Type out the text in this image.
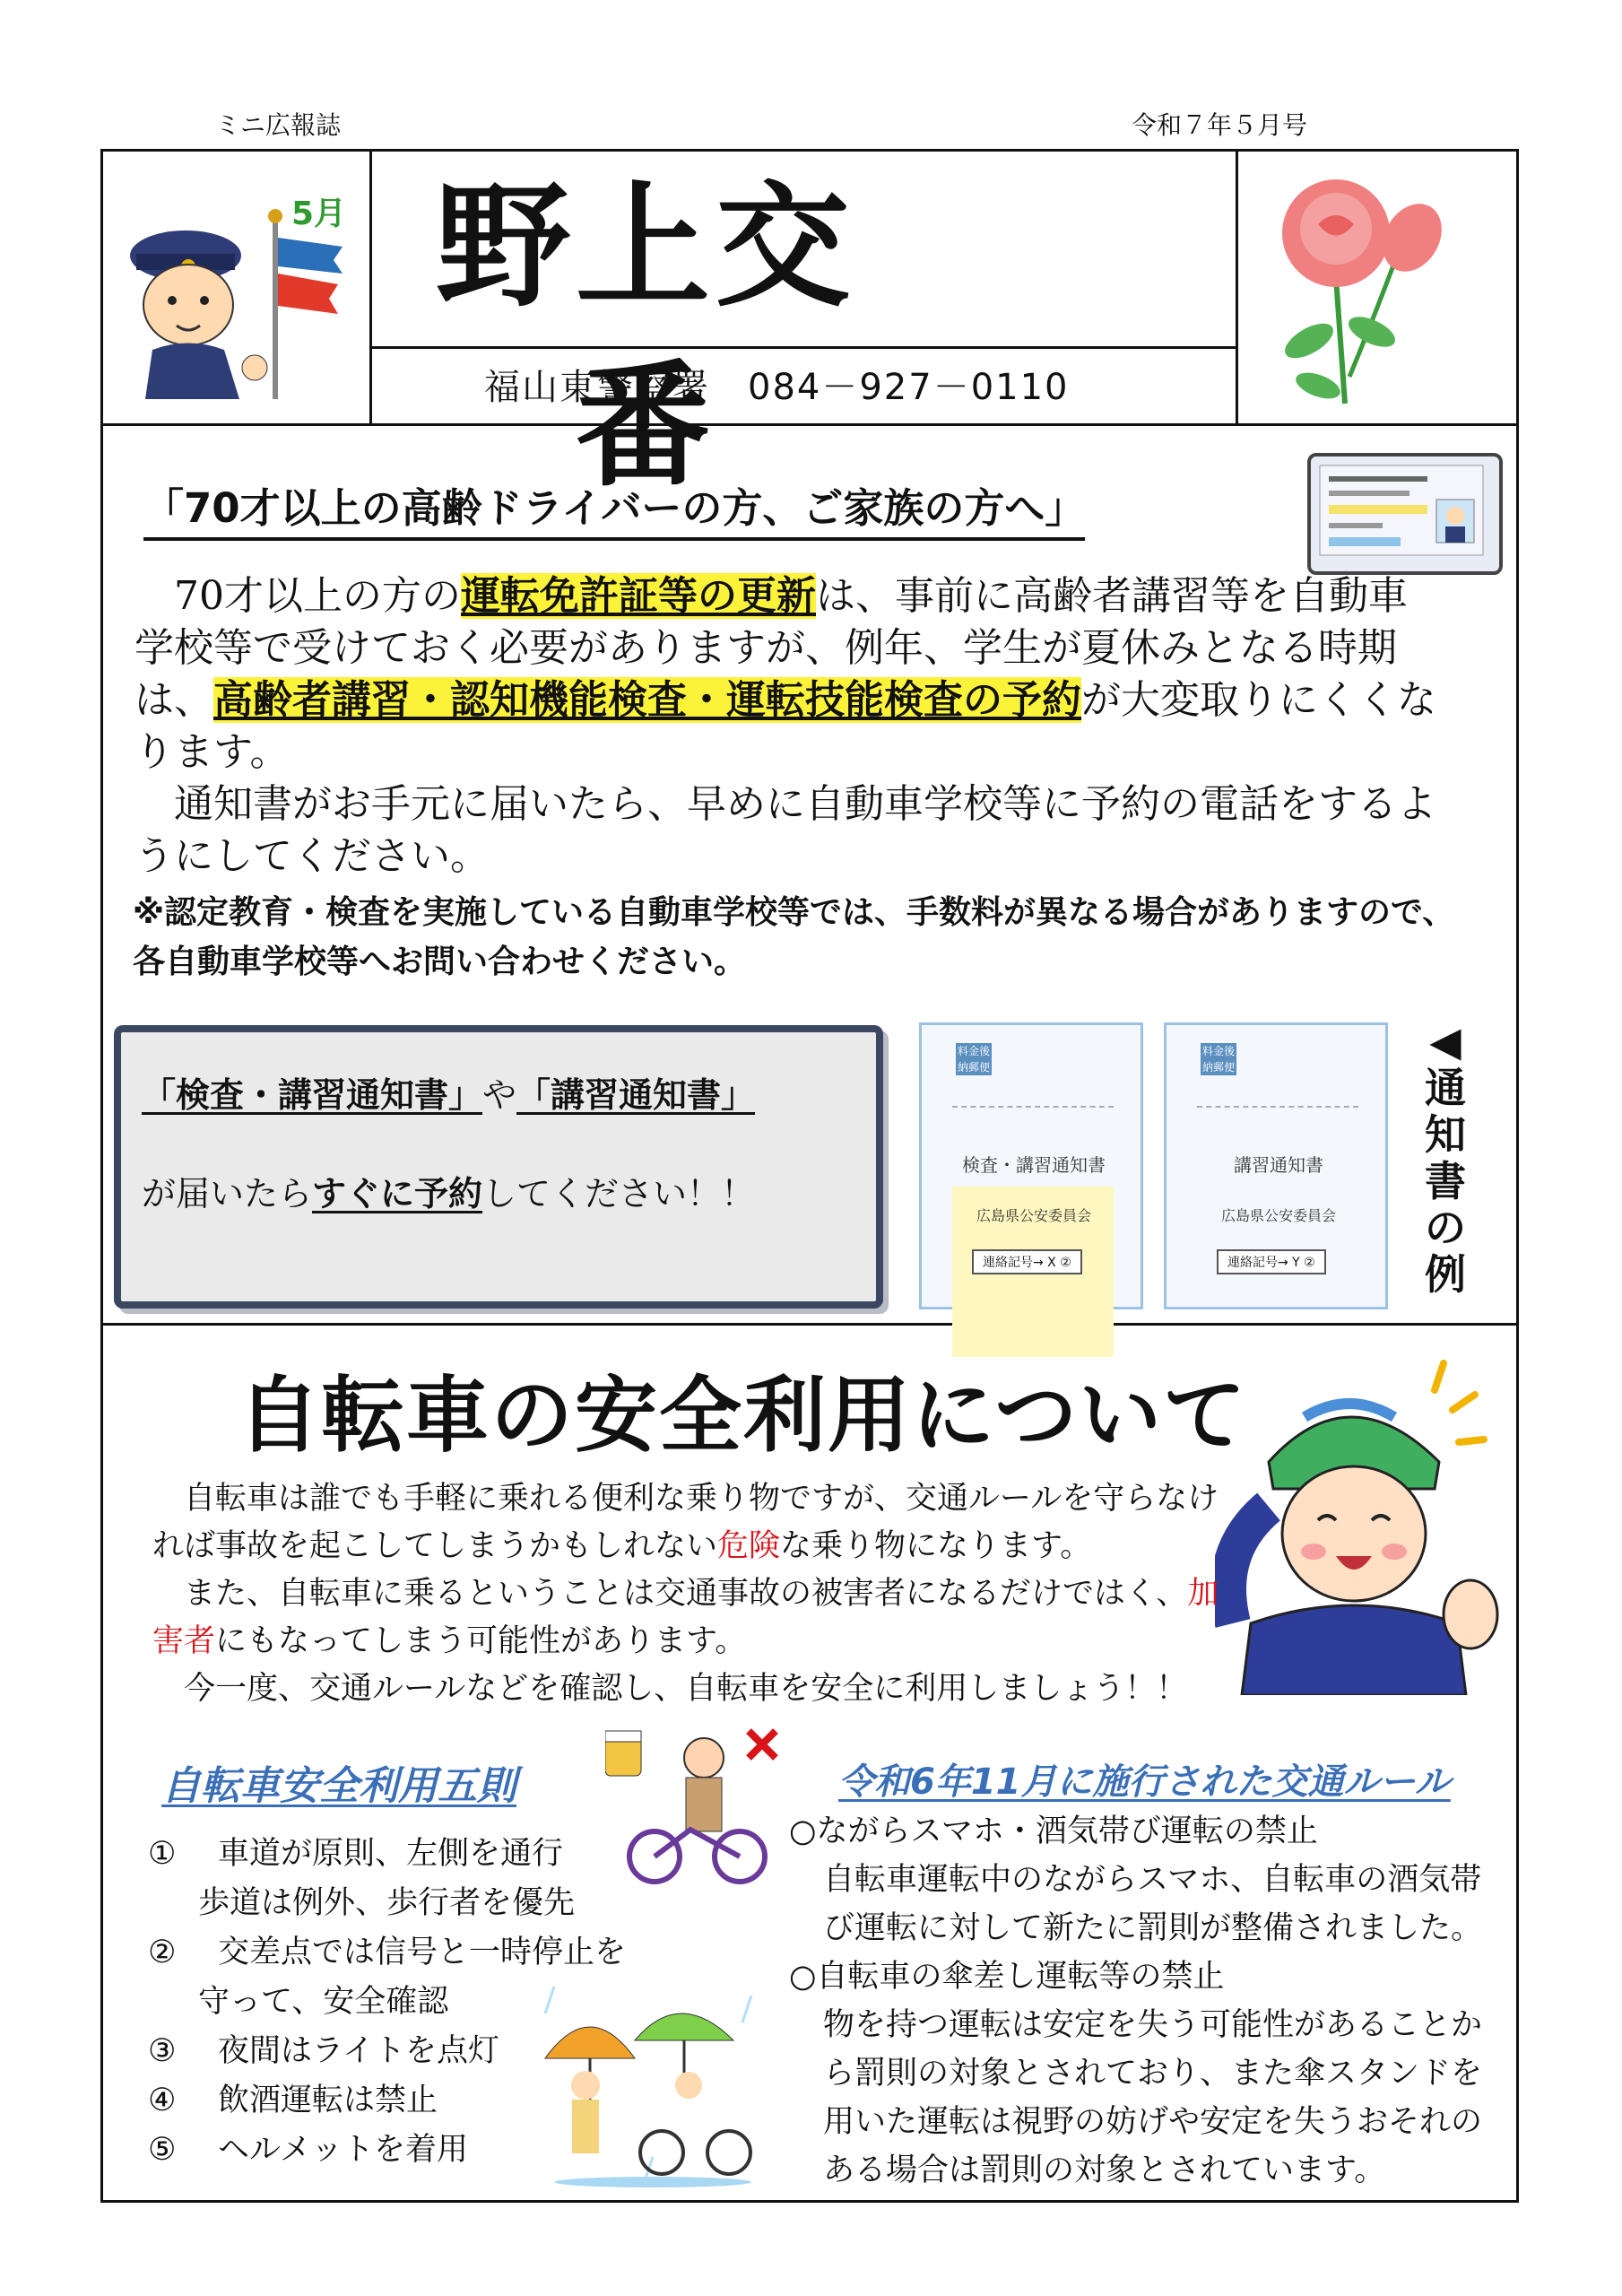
ミニ広報誌	令和７年５月号
5月 野上交番
福山東警察署　084－927－0110
「70才以上の高齢ドライバーの方、ご家族の方へ」

　70才以上の方の運転免許証等の更新は、事前に高齢者講習等を自動車学校等で受けておく必要がありますが、例年、学生が夏休みとなる時期は、高齢者講習・認知機能検査・運転技能検査の予約が大変取りにくくなります。

　通知書がお手元に届いたら、早めに自動車学校等に予約の電話をするようにしてください。

※認定教育・検査を実施している自動車学校等では、手数料が異なる場合がありますので、各自動車学校等へお問い合わせください。
「検査・講習通知書」や「講習通知書」
が届いたらすぐに予約してください！！
料金後納郵便
検査・講習通知書
広島県公安委員会
連絡記号→ X ②
料金後納郵便
講習通知書
広島県公安委員会
連絡記号→ Y ②
◀通知書の例
自転車の安全利用について

　自転車は誰でも手軽に乗れる便利な乗り物ですが、交通ルールを守らなければ事故を起こしてしまうかもしれない危険な乗り物になります。

　また、自転車に乗るということは交通事故の被害者になるだけではく、加害者にもなってしまう可能性があります。

　今一度、交通ルールなどを確認し、自転車を安全に利用しましょう！！

自転車安全利用五則	令和6年11月に施行された交通ルール
①	車道が原則、左側を通行
歩道は例外、歩行者を優先
②	交差点では信号と一時停止を
守って、安全確認
③	夜間はライトを点灯
④	飲酒運転は禁止
⑤	ヘルメットを着用

○ながらスマホ・酒気帯び運転の禁止

自転車運転中のながらスマホ、自転車の酒気帯び運転に対して新たに罰則が整備されました。

○自転車の傘差し運転等の禁止

物を持つ運転は安定を失う可能性があることから罰則の対象とされており、また傘スタンドを用いた運転は視野の妨げや安定を失うおそれのある場合は罰則の対象とされています。
